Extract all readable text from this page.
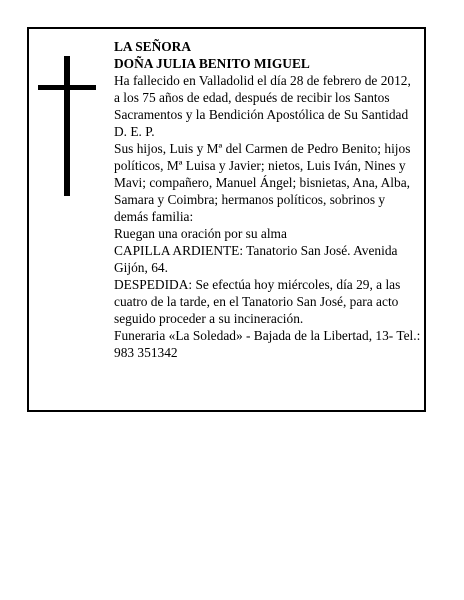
LA SEÑORA
DOÑA JULIA BENITO MIGUEL
Ha fallecido en Valladolid el día 28 de febrero de 2012,
a los 75 años de edad, después de recibir los Santos
Sacramentos y la Bendición Apostólica de Su Santidad
D. E. P.
Sus hijos, Luis y Mª del Carmen de Pedro Benito; hijos
políticos, Mª Luisa y Javier; nietos, Luis Iván, Nines y
Mavi; compañero, Manuel Ángel; bisnietas, Ana, Alba,
Samara y Coimbra; hermanos políticos, sobrinos y
demás familia:
Ruegan una oración por su alma
CAPILLA ARDIENTE: Tanatorio San José. Avenida
Gijón, 64.
DESPEDIDA: Se efectúa hoy miércoles, día 29, a las
cuatro de la tarde, en el Tanatorio San José, para acto
seguido proceder a su incineración.
Funeraria «La Soledad» - Bajada de la Libertad, 13- Tel.:
983 351342
